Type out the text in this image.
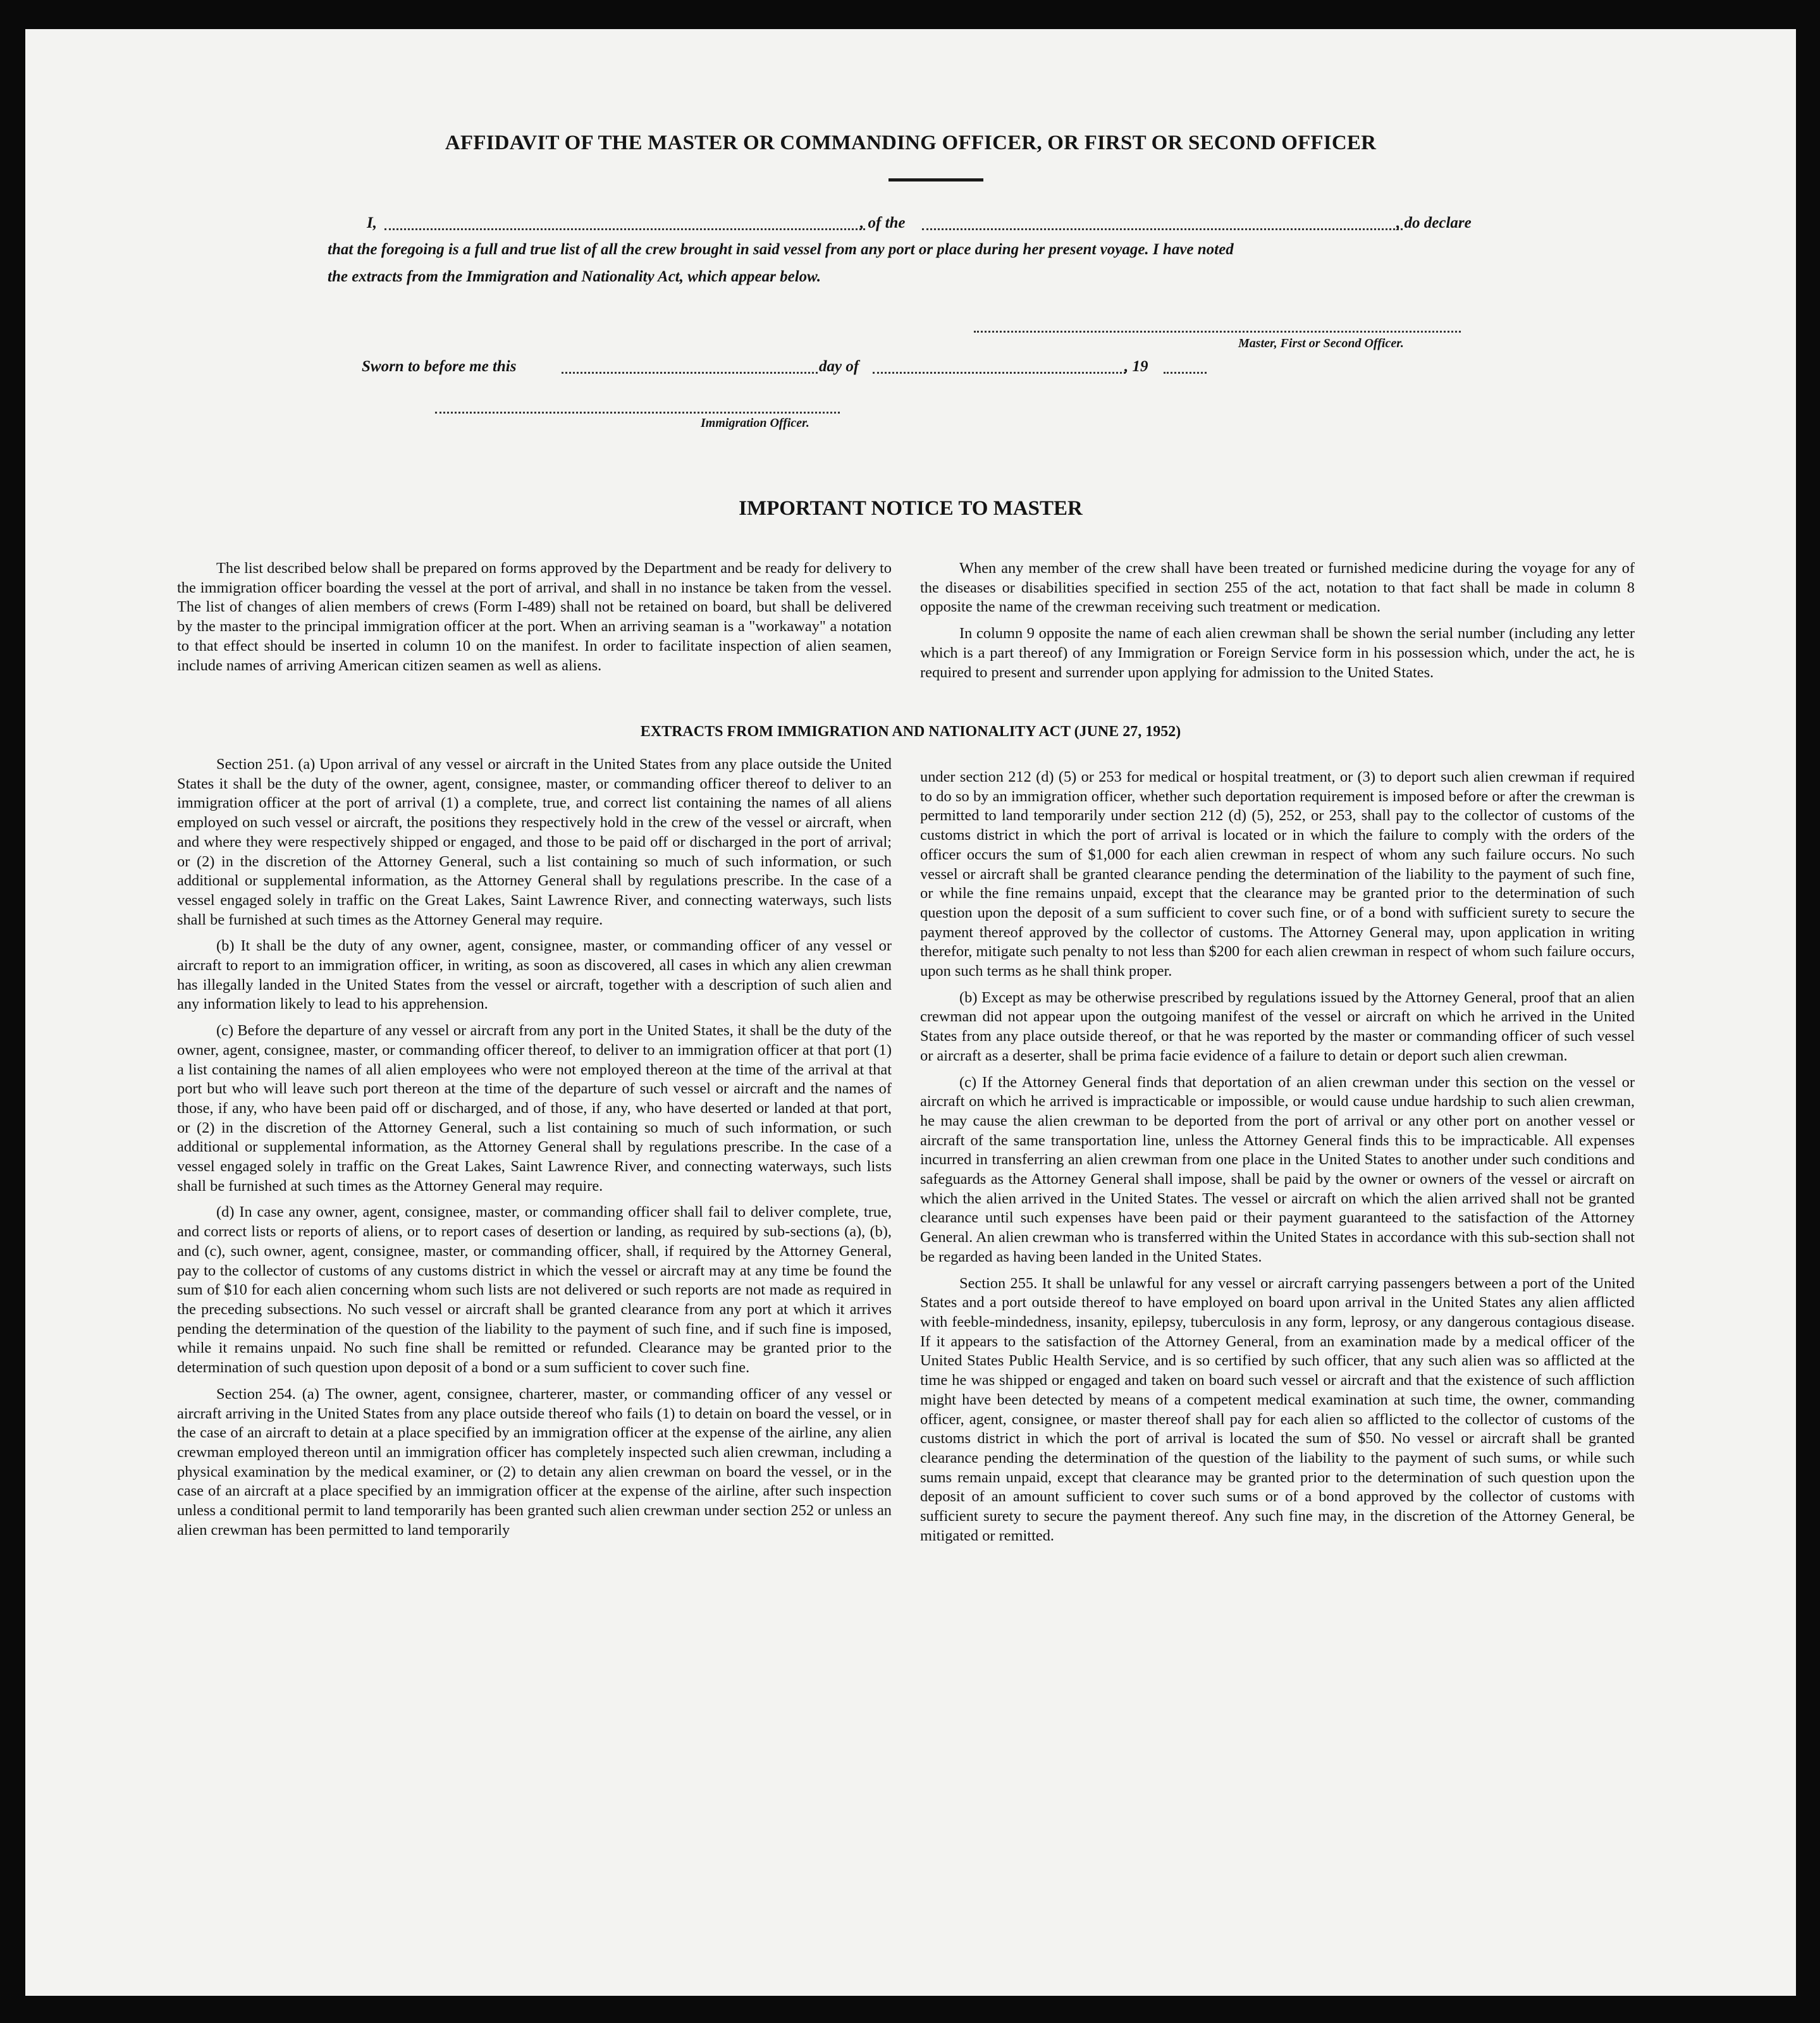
AFFIDAVIT OF THE MASTER OR COMMANDING OFFICER, OR FIRST OR SECOND OFFICER
I,	, of the	, do declare
that the foregoing is a full and true list of all the crew brought in said vessel from any port or place during her present voyage. I have noted
the extracts from the Immigration and Nationality Act, which appear below.
Master, First or Second Officer.
Sworn to before me this	day of	, 19
Immigration Officer.
IMPORTANT NOTICE TO MASTER

The list described below shall be prepared on forms approved by the Department and be ready for delivery to the immigration officer boarding the vessel at the port of arrival, and shall in no instance be taken from the vessel. The list of changes of alien members of crews (Form I-489) shall not be retained on board, but shall be delivered by the master to the principal immigration officer at the port. When an arriving seaman is a "workaway" a notation to that effect should be inserted in column 10 on the manifest. In order to facilitate inspection of alien seamen, include names of arriving American citizen seamen as well as aliens.

When any member of the crew shall have been treated or furnished medicine during the voyage for any of the diseases or disabilities specified in section 255 of the act, notation to that fact shall be made in column 8 opposite the name of the crewman receiving such treatment or medication.

In column 9 opposite the name of each alien crewman shall be shown the serial number (including any letter which is a part thereof) of any Immigration or Foreign Service form in his possession which, under the act, he is required to present and surrender upon applying for admission to the United States.

EXTRACTS FROM IMMIGRATION AND NATIONALITY ACT (JUNE 27, 1952)

Section 251. (a) Upon arrival of any vessel or aircraft in the United States from any place outside the United States it shall be the duty of the owner, agent, consignee, master, or commanding officer thereof to deliver to an immigration officer at the port of arrival (1) a complete, true, and correct list containing the names of all aliens employed on such vessel or aircraft, the positions they respectively hold in the crew of the vessel or aircraft, when and where they were respectively shipped or engaged, and those to be paid off or discharged in the port of arrival; or (2) in the discretion of the Attorney General, such a list containing so much of such information, or such additional or supplemental information, as the Attorney General shall by regulations prescribe. In the case of a vessel engaged solely in traffic on the Great Lakes, Saint Lawrence River, and connecting waterways, such lists shall be furnished at such times as the Attorney General may require.

(b) It shall be the duty of any owner, agent, consignee, master, or commanding officer of any vessel or aircraft to report to an immigration officer, in writing, as soon as discovered, all cases in which any alien crewman has illegally landed in the United States from the vessel or aircraft, together with a description of such alien and any information likely to lead to his apprehension.

(c) Before the departure of any vessel or aircraft from any port in the United States, it shall be the duty of the owner, agent, consignee, master, or commanding officer thereof, to deliver to an immigration officer at that port (1) a list containing the names of all alien employees who were not employed thereon at the time of the arrival at that port but who will leave such port thereon at the time of the departure of such vessel or aircraft and the names of those, if any, who have been paid off or discharged, and of those, if any, who have deserted or landed at that port, or (2) in the discretion of the Attorney General, such a list containing so much of such information, or such additional or supplemental information, as the Attorney General shall by regulations prescribe. In the case of a vessel engaged solely in traffic on the Great Lakes, Saint Lawrence River, and connecting waterways, such lists shall be furnished at such times as the Attorney General may require.

(d) In case any owner, agent, consignee, master, or commanding officer shall fail to deliver complete, true, and correct lists or reports of aliens, or to report cases of desertion or landing, as required by sub-sections (a), (b), and (c), such owner, agent, consignee, master, or commanding officer, shall, if required by the Attorney General, pay to the collector of customs of any customs district in which the vessel or aircraft may at any time be found the sum of $10 for each alien concerning whom such lists are not delivered or such reports are not made as required in the preceding subsections. No such vessel or aircraft shall be granted clearance from any port at which it arrives pending the determination of the question of the liability to the payment of such fine, and if such fine is imposed, while it remains unpaid. No such fine shall be remitted or refunded. Clearance may be granted prior to the determination of such question upon deposit of a bond or a sum sufficient to cover such fine.

Section 254. (a) The owner, agent, consignee, charterer, master, or commanding officer of any vessel or aircraft arriving in the United States from any place outside thereof who fails (1) to detain on board the vessel, or in the case of an aircraft to detain at a place specified by an immigration officer at the expense of the airline, any alien crewman employed thereon until an immigration officer has completely inspected such alien crewman, including a physical examination by the medical examiner, or (2) to detain any alien crewman on board the vessel, or in the case of an aircraft at a place specified by an immigration officer at the expense of the airline, after such inspection unless a conditional permit to land temporarily has been granted such alien crewman under section 252 or unless an alien crewman has been permitted to land temporarily

under section 212 (d) (5) or 253 for medical or hospital treatment, or (3) to deport such alien crewman if required to do so by an immigration officer, whether such deportation requirement is imposed before or after the crewman is permitted to land temporarily under section 212 (d) (5), 252, or 253, shall pay to the collector of customs of the customs district in which the port of arrival is located or in which the failure to comply with the orders of the officer occurs the sum of $1,000 for each alien crewman in respect of whom any such failure occurs. No such vessel or aircraft shall be granted clearance pending the determination of the liability to the payment of such fine, or while the fine remains unpaid, except that the clearance may be granted prior to the determination of such question upon the deposit of a sum sufficient to cover such fine, or of a bond with sufficient surety to secure the payment thereof approved by the collector of customs. The Attorney General may, upon application in writing therefor, mitigate such penalty to not less than $200 for each alien crewman in respect of whom such failure occurs, upon such terms as he shall think proper.

(b) Except as may be otherwise prescribed by regulations issued by the Attorney General, proof that an alien crewman did not appear upon the outgoing manifest of the vessel or aircraft on which he arrived in the United States from any place outside thereof, or that he was reported by the master or commanding officer of such vessel or aircraft as a deserter, shall be prima facie evidence of a failure to detain or deport such alien crewman.

(c) If the Attorney General finds that deportation of an alien crewman under this section on the vessel or aircraft on which he arrived is impracticable or impossible, or would cause undue hardship to such alien crewman, he may cause the alien crewman to be deported from the port of arrival or any other port on another vessel or aircraft of the same transportation line, unless the Attorney General finds this to be impracticable. All expenses incurred in transferring an alien crewman from one place in the United States to another under such conditions and safeguards as the Attorney General shall impose, shall be paid by the owner or owners of the vessel or aircraft on which the alien arrived in the United States. The vessel or aircraft on which the alien arrived shall not be granted clearance until such expenses have been paid or their payment guaranteed to the satisfaction of the Attorney General. An alien crewman who is transferred within the United States in accordance with this sub-section shall not be regarded as having been landed in the United States.

Section 255. It shall be unlawful for any vessel or aircraft carrying passengers between a port of the United States and a port outside thereof to have employed on board upon arrival in the United States any alien afflicted with feeble-mindedness, insanity, epilepsy, tuberculosis in any form, leprosy, or any dangerous contagious disease. If it appears to the satisfaction of the Attorney General, from an examination made by a medical officer of the United States Public Health Service, and is so certified by such officer, that any such alien was so afflicted at the time he was shipped or engaged and taken on board such vessel or aircraft and that the existence of such affliction might have been detected by means of a competent medical examination at such time, the owner, commanding officer, agent, consignee, or master thereof shall pay for each alien so afflicted to the collector of customs of the customs district in which the port of arrival is located the sum of $50. No vessel or aircraft shall be granted clearance pending the determination of the question of the liability to the payment of such sums, or while such sums remain unpaid, except that clearance may be granted prior to the determination of such question upon the deposit of an amount sufficient to cover such sums or of a bond approved by the collector of customs with sufficient surety to secure the payment thereof. Any such fine may, in the discretion of the Attorney General, be mitigated or remitted.
